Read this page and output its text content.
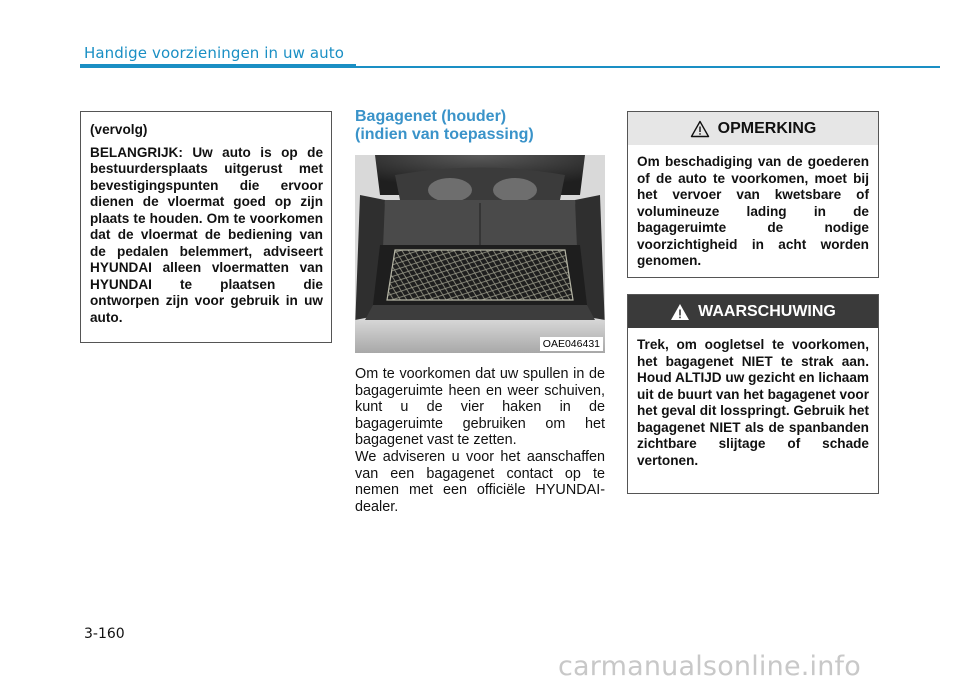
Handige voorzieningen in uw auto
(vervolg)
BELANGRIJK: Uw auto is op de bestuurdersplaats uitgerust met bevestigingspunten die ervoor dienen de vloermat goed op zijn plaats te houden. Om te voorkomen dat de vloermat de bediening van de pedalen belemmert, adviseert HYUNDAI alleen vloermatten van HYUNDAI te plaatsen die ontworpen zijn voor gebruik in uw auto.
Bagagenet (houder)
(indien van toepassing)
OAE046431
Om te voorkomen dat uw spullen in de bagageruimte heen en weer schuiven, kunt u de vier haken in de bagageruimte gebruiken om het bagagenet vast te zetten.
We adviseren u voor het aanschaffen van een bagagenet contact op te nemen met een officiële HYUNDAI-dealer.
OPMERKING
Om beschadiging van de goederen of de auto te voorkomen, moet bij het vervoer van kwetsbare of volumineuze lading in de bagageruimte de nodige voorzichtigheid in acht worden genomen.
WAARSCHUWING
Trek, om oogletsel te voorkomen, het bagagenet NIET te strak aan. Houd ALTIJD uw gezicht en lichaam uit de buurt van het bagagenet voor het geval dit losspringt. Gebruik het bagagenet NIET als de spanbanden zichtbare slijtage of schade vertonen.
3-160
carmanualsonline.info
